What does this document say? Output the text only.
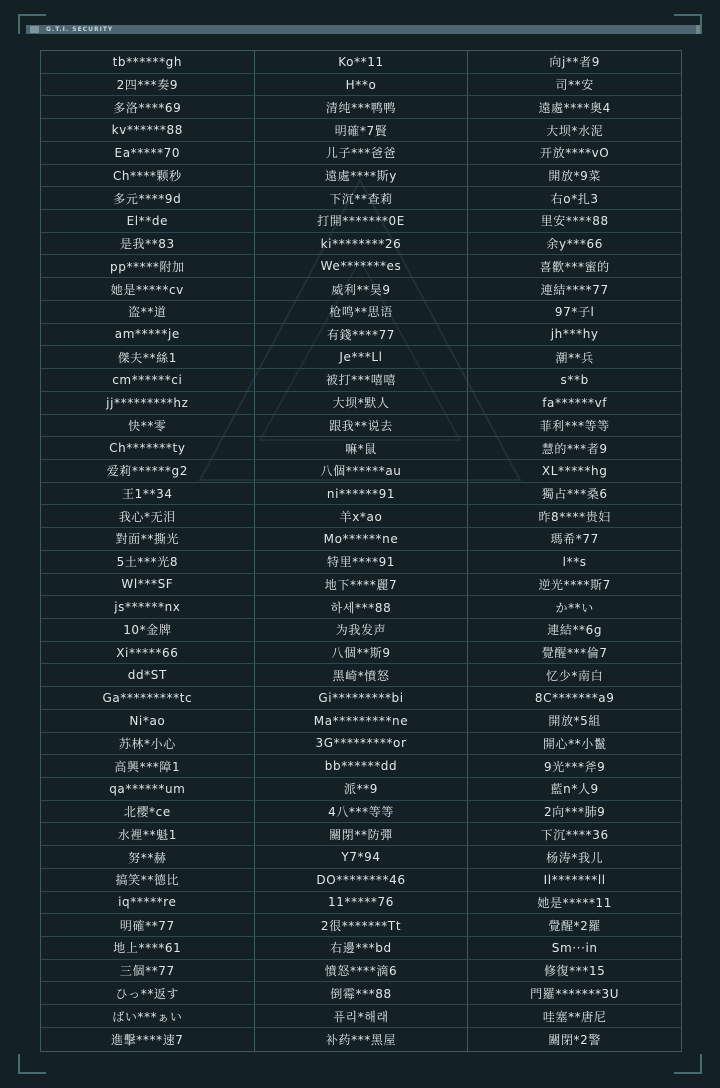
G.T.I. SECURITY
tb******gh	Ko**11	向j**者9
2四***奏9	H**o	司**安
多洛****69	清纯***鸭鸭	遠處****奥4
kv******88	明確*7賢	大坝*水泥
Ea*****70	儿子***爸爸	开放****vO
Ch****颗秒	遠處****斯y	開放*9菜
多元****9d	下沉**查莉	右o*扎3
El**de	打開*******0E	里安****88
是我**83	ki********26	余y***66
pp*****附加	We*******es	喜歡***蜜的
她是*****cv	威利**昊9	連結****77
盗**道	枪鸣**思语	97*子l
am*****je	有錢****77	jh***hy
傑夫**絲1	Je***Ll	潮**兵
cm******ci	被打***嘻嘻	s**b
jj*********hz	大坝*默人	fa******vf
快**零	跟我**说去	菲利***等等
Ch*******ty	嘛*鼠	慧的***者9
爱莉******g2	八個******au	XL*****hg
王1**34	ni******91	獨占***桑6
我心*无泪	羊x*ao	昨8****贵妇
對面**撕光	Mo******ne	瑪希*77
5土***光8	特里****91	l**s
Wl***SF	地下****麗7	逆光****斯7
js******nx	하세***88	か**い
10*金牌	为我发声	連結**6g
Xi*****66	八個**斯9	覺醒***倫7
dd*ST	黑崎*憤怒	忆少*南白
Ga*********tc	Gi*********bi	8C*******a9
Ni*ao	Ma*********ne	開放*5組
苏林*小心	3G*********or	開心**小鬣
高興***障1	bb******dd	9光***斧9
qa******um	派**9	藍n*人9
北樱*ce	4八***等等	2向***肺9
水裡**魁1	關閉**防彈	下沉****36
努**赫	Y7*94	杨涛*我儿
搞笑**德比	DO********46	Il*******ll
iq*****re	11*****76	她是*****11
明確**77	2很*******Tt	覺醒*2羅
地上****61	右邊***bd	Sm···in
三個**77	憤怒****滴6	修復***15
ひっ**返す	倒霉***88	門羅*******3U
ばい***ぁい	퓨리*해래	哇塞**唐尼
進擊****速7	补药***黑屋	關閉*2警
